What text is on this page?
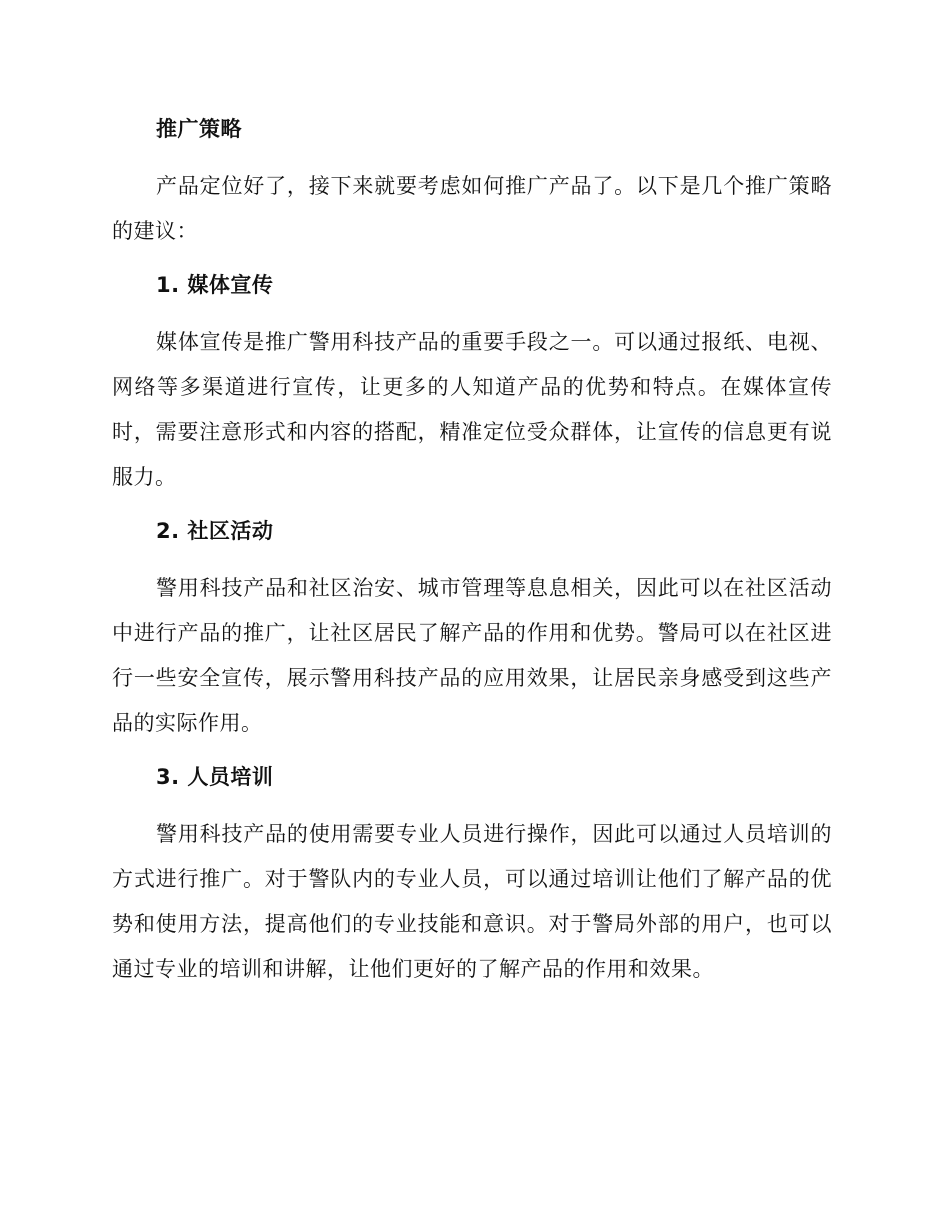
推广策略

产品定位好了，接下来就要考虑如何推广产品了。以下是几个推广策略的建议：

1. 媒体宣传

媒体宣传是推广警用科技产品的重要手段之一。可以通过报纸、电视、网络等多渠道进行宣传，让更多的人知道产品的优势和特点。在媒体宣传时，需要注意形式和内容的搭配，精准定位受众群体，让宣传的信息更有说服力。

2. 社区活动

警用科技产品和社区治安、城市管理等息息相关，因此可以在社区活动中进行产品的推广，让社区居民了解产品的作用和优势。警局可以在社区进行一些安全宣传，展示警用科技产品的应用效果，让居民亲身感受到这些产品的实际作用。

3. 人员培训

警用科技产品的使用需要专业人员进行操作，因此可以通过人员培训的方式进行推广。对于警队内的专业人员，可以通过培训让他们了解产品的优势和使用方法，提高他们的专业技能和意识。对于警局外部的用户，也可以通过专业的培训和讲解，让他们更好的了解产品的作用和效果。
